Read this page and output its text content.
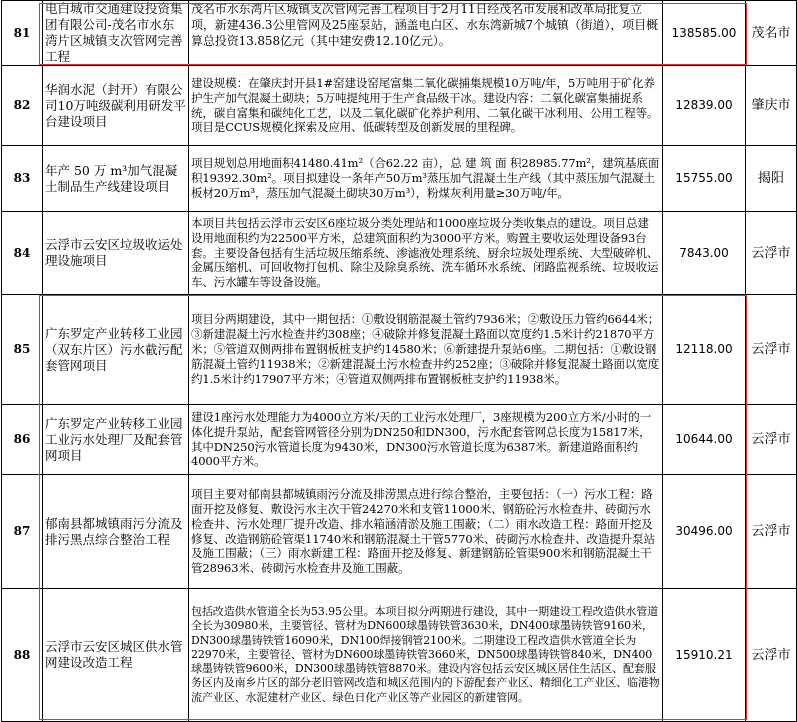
81	电白城市交通建设投资集团有限公司-茂名市水东湾片区城镇支次管网完善工程	茂名市水东湾片区城镇支次管网完善工程项目于2月11日经茂名市发展和改革局批复立项，新建436.3公里管网及25座泵站，涵盖电白区、水东湾新城7个城镇（街道），项目概算总投资13.858亿元（其中建安费12.10亿元）。	138585.00	茂名市
82	华润水泥（封开）有限公司10万吨级碳利用研发平台建设项目	建设规模：在肇庆封开县1#窑建设窑尾富集二氧化碳捕集规模10万吨/年，5万吨用于矿化养护生产加气混凝土砌块；5万吨提纯用于生产食品级干冰。建设内容：二氧化碳富集捕捉系统，碳自富集和碳纯化工艺，以及二氧化碳矿化养护利用、二氧化碳干冰利用、公用工程等。项目是CCUS规模化探索及应用、低碳转型及创新发展的里程碑。	12839.00	肇庆市
83	年产 50 万 m³加气混凝土制品生产线建设项目	项目规划总用地面积41480.41m²（合62.22 亩），总 建 筑 面 积28985.77m²，建筑基底面积19392.30m²。项目拟建设一条年产50万m³蒸压加气混凝土生产线（其中蒸压加气混凝土板材20万m³，蒸压加气混凝土砌块30万m³），粉煤灰利用量≥30万吨/年。	15755.00	揭阳
84	云浮市云安区垃圾收运处理设施项目	本项目共包括云浮市云安区6座垃圾分类处理站和1000座垃圾分类收集点的建设。项目总建设用地面积约为22500平方米，总建筑面积约为3000平方米。购置主要收运处理设备93台套。主要设备包括有生活垃圾压缩系统、渗滤液处理系统、厨余垃圾处理系统、大型破碎机、金属压缩机、可回收物打包机、除尘及除臭系统、洗车循环水系统、闭路监视系统、垃圾收运车、污水罐车等设备设施。	7843.00	云浮市
85	广东罗定产业转移工业园（双东片区）污水截污配套管网项目	项目分两期建设，其中一期包括：①敷设钢筋混凝土管约7936米；②敷设压力管约6644米；③新建混凝土污水检查井约308座；④破除并修复混凝土路面以宽度约1.5米计约21870平方米；⑤管道双侧两排布置钢板桩支护约14580米；⑥新建提升泵站6座。二期包括：①敷设钢筋混凝土管约11938米；②新建混凝土污水检查井约252座；③破除并修复混凝土路面以宽度约1.5米计约17907平方米；④管道双侧两排布置钢板桩支护约11938米。	12118.00	云浮市
86	广东罗定产业转移工业园工业污水处理厂及配套管网项目	建设1座污水处理能力为4000立方米/天的工业污水处理厂，3座规模为200立方米/小时的一体化提升泵站，配套管网管径分别为DN250和DN300，污水配套管网总长度为15817米，其中DN250污水管道长度为9430米，DN300污水管道长度为6387米。新建道路面积约4000平方米。	10644.00	云浮市
87	郁南县都城镇雨污分流及排污黑点综合整治工程	项目主要对郁南县都城镇雨污分流及排涝黑点进行综合整治，主要包括：（一）污水工程：路面开挖及修复、敷设污水主次干管24270米和支管11000米、钢筋砼污水检查井、砖砌污水检查井、污水处理厂提升改造、排水箱涵清淤及施工围蔽；（二）雨水改造工程：路面开挖及修复、改造钢筋砼管渠11740米和钢筋混凝土干管5770米、砖砌污水检查井、改造提升泵站及施工围蔽；（三）雨水新建工程：路面开挖及修复、新建钢筋砼管渠900米和钢筋混凝土干管28963米、砖砌污水检查井及施工围蔽。	30496.00	云浮市
88	云浮市云安区城区供水管网建设改造工程	包括改造供水管道全长为53.95公里。本项目拟分两期进行建设，其中一期建设工程改造供水管道全长为30980米，主要管径、管材为DN600球墨铸铁管3630米，DN400球墨铸铁管9160米，DN300球墨铸铁管16090米，DN100焊接钢管2100米。二期建设工程改造供水管道全长为22970米，主要管径、管材为DN600球墨铸铁管3660米，DN500球墨铸铁管840米，DN400球墨铸铁管9600米，DN300球墨铸铁管8870米。建设内容包括云安区城区居住生活区、配套服务区内及南乡片区的部分老旧管网改造和城区范围内的下游配套产业区、精细化工产业区、临港物流产业区、水泥建材产业区、绿色日化产业区等产业园区的新建管网。	15910.21	云浮市
